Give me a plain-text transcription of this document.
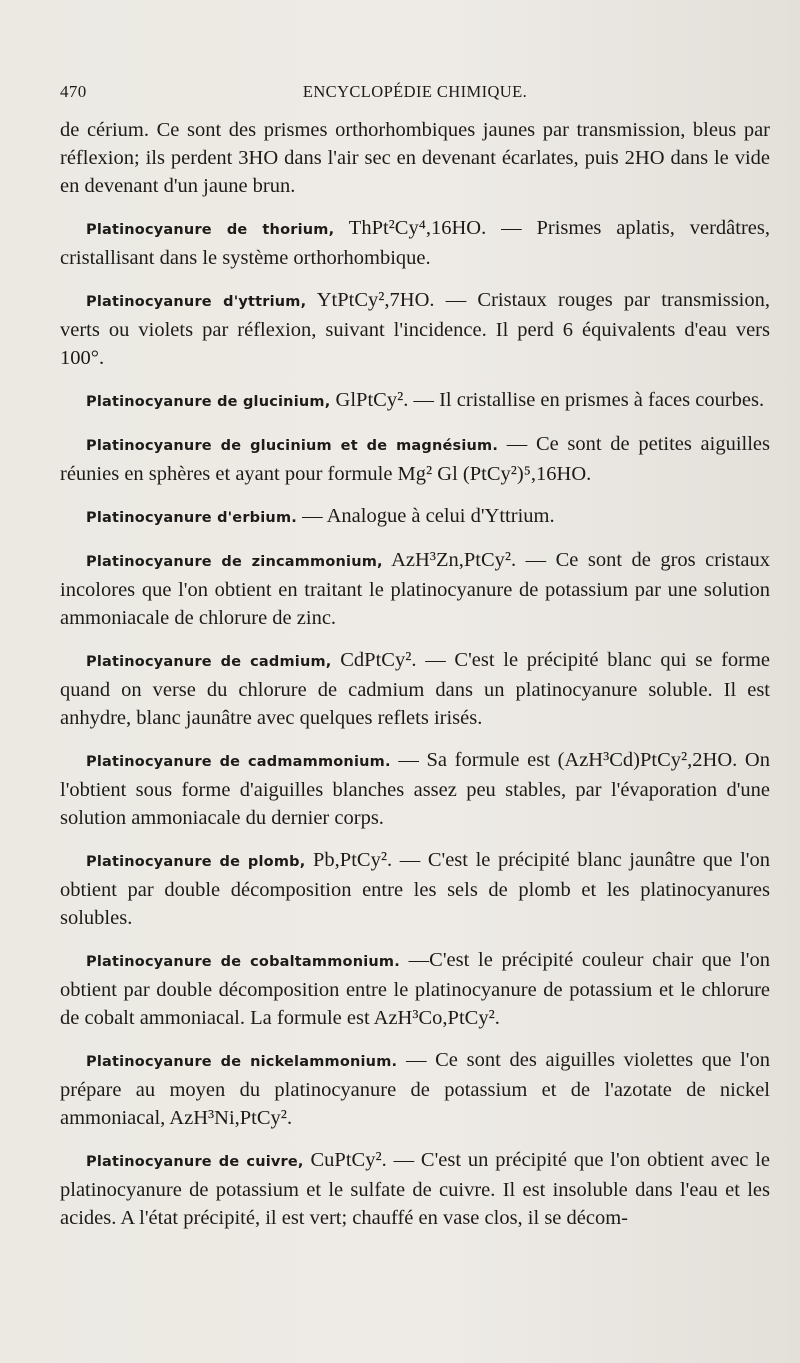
470	ENCYCLOPÉDIE CHIMIQUE.

de cérium. Ce sont des prismes orthorhombiques jaunes par transmission, bleus par réflexion; ils perdent 3HO dans l'air sec en devenant écarlates, puis 2HO dans le vide en devenant d'un jaune brun.

Platinocyanure de thorium, ThPt²Cy⁴,16HO. — Prismes aplatis, verdâtres, cristallisant dans le système orthorhombique.

Platinocyanure d'yttrium, YtPtCy²,7HO. — Cristaux rouges par transmission, verts ou violets par réflexion, suivant l'incidence. Il perd 6 équivalents d'eau vers 100°.

Platinocyanure de glucinium, GlPtCy². — Il cristallise en prismes à faces courbes.

Platinocyanure de glucinium et de magnésium. — Ce sont de petites aiguilles réunies en sphères et ayant pour formule Mg² Gl (PtCy²)⁵,16HO.

Platinocyanure d'erbium. — Analogue à celui d'Yttrium.

Platinocyanure de zincammonium, AzH³Zn,PtCy². — Ce sont de gros cristaux incolores que l'on obtient en traitant le platinocyanure de potassium par une solution ammoniacale de chlorure de zinc.

Platinocyanure de cadmium, CdPtCy². — C'est le précipité blanc qui se forme quand on verse du chlorure de cadmium dans un platinocyanure soluble. Il est anhydre, blanc jaunâtre avec quelques reflets irisés.

Platinocyanure de cadmammonium. — Sa formule est (AzH³Cd)PtCy²,2HO. On l'obtient sous forme d'aiguilles blanches assez peu stables, par l'évaporation d'une solution ammoniacale du dernier corps.

Platinocyanure de plomb, Pb,PtCy². — C'est le précipité blanc jaunâtre que l'on obtient par double décomposition entre les sels de plomb et les platinocyanures solubles.

Platinocyanure de cobaltammonium. —C'est le précipité couleur chair que l'on obtient par double décomposition entre le platinocyanure de potassium et le chlorure de cobalt ammoniacal. La formule est AzH³Co,PtCy².

Platinocyanure de nickelammonium. — Ce sont des aiguilles violettes que l'on prépare au moyen du platinocyanure de potassium et de l'azotate de nickel ammoniacal, AzH³Ni,PtCy².

Platinocyanure de cuivre, CuPtCy². — C'est un précipité que l'on obtient avec le platinocyanure de potassium et le sulfate de cuivre. Il est insoluble dans l'eau et les acides. A l'état précipité, il est vert; chauffé en vase clos, il se décom-
